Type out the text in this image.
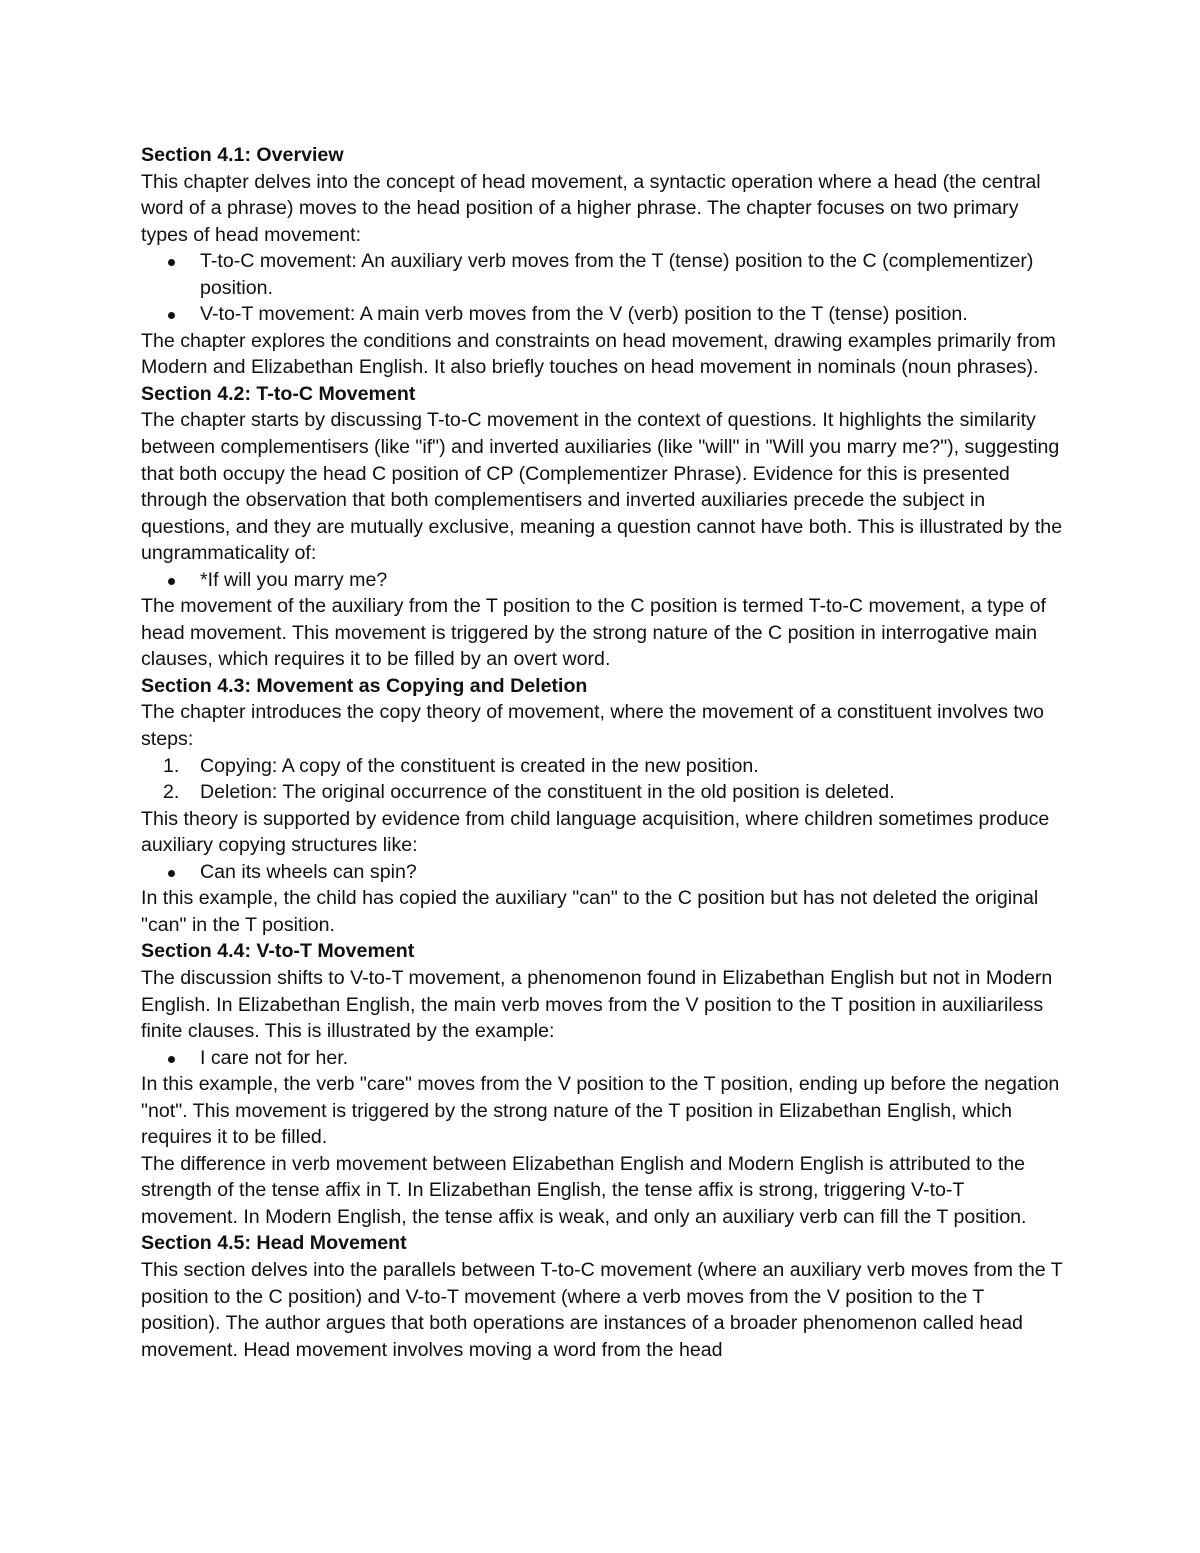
Section 4.1: Overview

This chapter delves into the concept of head movement, a syntactic operation where a head (the central word of a phrase) moves to the head position of a higher phrase. The chapter focuses on two primary types of head movement:

T-to-C movement: An auxiliary verb moves from the T (tense) position to the C (complementizer) position.
V-to-T movement: A main verb moves from the V (verb) position to the T (tense) position.

The chapter explores the conditions and constraints on head movement, drawing examples primarily from Modern and Elizabethan English. It also briefly touches on head movement in nominals (noun phrases).

Section 4.2: T-to-C Movement

The chapter starts by discussing T-to-C movement in the context of questions. It highlights the similarity between complementisers (like "if") and inverted auxiliaries (like "will" in "Will you marry me?"), suggesting that both occupy the head C position of CP (Complementizer Phrase). Evidence for this is presented through the observation that both complementisers and inverted auxiliaries precede the subject in questions, and they are mutually exclusive, meaning a question cannot have both. This is illustrated by the ungrammaticality of:

*If will you marry me?

The movement of the auxiliary from the T position to the C position is termed T-to-C movement, a type of head movement. This movement is triggered by the strong nature of the C position in interrogative main clauses, which requires it to be filled by an overt word.

Section 4.3: Movement as Copying and Deletion

The chapter introduces the copy theory of movement, where the movement of a constituent involves two steps:

1. Copying: A copy of the constituent is created in the new position.
2. Deletion: The original occurrence of the constituent in the old position is deleted.

This theory is supported by evidence from child language acquisition, where children sometimes produce auxiliary copying structures like:

Can its wheels can spin?

In this example, the child has copied the auxiliary "can" to the C position but has not deleted the original "can" in the T position.

Section 4.4: V-to-T Movement

The discussion shifts to V-to-T movement, a phenomenon found in Elizabethan English but not in Modern English. In Elizabethan English, the main verb moves from the V position to the T position in auxiliariless finite clauses. This is illustrated by the example:

I care not for her.

In this example, the verb "care" moves from the V position to the T position, ending up before the negation "not". This movement is triggered by the strong nature of the T position in Elizabethan English, which requires it to be filled.

The difference in verb movement between Elizabethan English and Modern English is attributed to the strength of the tense affix in T. In Elizabethan English, the tense affix is strong, triggering V-to-T movement. In Modern English, the tense affix is weak, and only an auxiliary verb can fill the T position.

Section 4.5: Head Movement

This section delves into the parallels between T-to-C movement (where an auxiliary verb moves from the T position to the C position) and V-to-T movement (where a verb moves from the V position to the T position). The author argues that both operations are instances of a broader phenomenon called head movement. Head movement involves moving a word from the head
